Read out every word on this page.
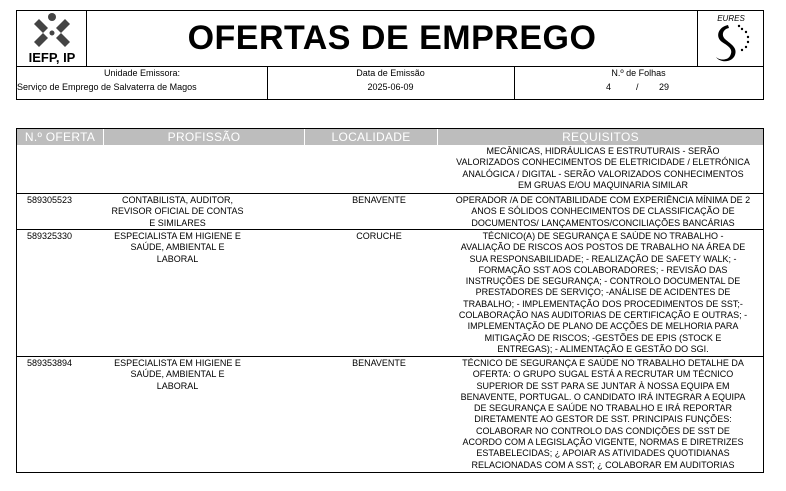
IEFP, IP
OFERTAS DE EMPREGO
EURES
Unidade Emissora:
Serviço de Emprego de Salvaterra de Magos
Data de Emissão
2025-06-09
N.º de Folhas
4	/ 29
N.º OFERTA	PROFISSÃO	LOCALIDADE	REQUISITOS
MECÂNICAS, HIDRÁULICAS E ESTRUTURAIS - SERÃO
VALORIZADOS CONHECIMENTOS DE ELETRICIDADE / ELETRÓNICA
ANALÓGICA / DIGITAL - SERÃO VALORIZADOS CONHECIMENTOS
EM GRUAS E/OU MAQUINARIA SIMILAR
589305523	CONTABILISTA, AUDITOR,
REVISOR OFICIAL DE CONTAS
E SIMILARES
BENAVENTE	OPERADOR /A DE CONTABILIDADE COM EXPERIÊNCIA MÍNIMA DE 2
ANOS E SÓLIDOS CONHECIMENTOS DE CLASSIFICAÇÃO DE
DOCUMENTOS/ LANÇAMENTOS/CONCILIAÇÕES BANCÁRIAS
589325330	ESPECIALISTA EM HIGIENE E
SAÚDE, AMBIENTAL E
LABORAL
CORUCHE	TÉCNICO(A) DE SEGURANÇA E SAÚDE NO TRABALHO -
AVALIAÇÃO DE RISCOS AOS POSTOS DE TRABALHO NA ÁREA DE
SUA RESPONSABILIDADE; - REALIZAÇÃO DE SAFETY WALK; -
FORMAÇÃO SST AOS COLABORADORES; - REVISÃO DAS
INSTRUÇÕES DE SEGURANÇA; - CONTROLO DOCUMENTAL DE
PRESTADORES DE SERVIÇO; -ANÁLISE DE ACIDENTES DE
TRABALHO; - IMPLEMENTAÇÃO DOS PROCEDIMENTOS DE SST;-
COLABORAÇÃO NAS AUDITORIAS DE CERTIFICAÇÃO E OUTRAS; -
IMPLEMENTAÇÃO DE PLANO DE ACÇÕES DE MELHORIA PARA
MITIGAÇÃO DE RISCOS; -GESTÕES DE EPIS (STOCK E
ENTREGAS); - ALIMENTAÇÃO E GESTÃO DO SGI.
589353894	ESPECIALISTA EM HIGIENE E
SAÚDE, AMBIENTAL E
LABORAL
BENAVENTE	TÉCNICO DE SEGURANÇA E SAÚDE NO TRABALHO DETALHE DA
OFERTA: O GRUPO SUGAL ESTÁ A RECRUTAR UM TÉCNICO
SUPERIOR DE SST PARA SE JUNTAR À NOSSA EQUIPA EM
BENAVENTE, PORTUGAL. O CANDIDATO IRÁ INTEGRAR A EQUIPA
DE SEGURANÇA E SAÚDE NO TRABALHO E IRÁ REPORTAR
DIRETAMENTE AO GESTOR DE SST. PRINCIPAIS FUNÇÕES:
COLABORAR NO CONTROLO DAS CONDIÇÕES DE SST DE
ACORDO COM A LEGISLAÇÃO VIGENTE, NORMAS E DIRETRIZES
ESTABELECIDAS; ¿ APOIAR AS ATIVIDADES QUOTIDIANAS
RELACIONADAS COM A SST; ¿ COLABORAR EM AUDITORIAS
